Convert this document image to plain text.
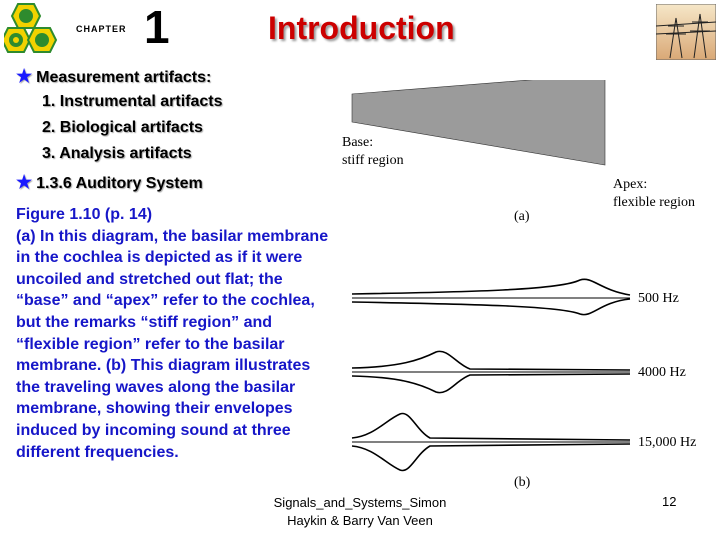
CHAPTER 1	Introduction
★ Measurement artifacts:
1. Instrumental artifacts
2. Biological artifacts
3. Analysis artifacts
★ 1.3.6 Auditory System
Figure 1.10 (p. 14)
(a) In this diagram, the basilar membrane in the cochlea is depicted as if it were uncoiled and stretched out flat; the “base” and “apex” refer to the cochlea, but the remarks “stiff region” and “flexible region” refer to the basilar membrane. (b) This diagram illustrates the traveling waves along the basilar membrane, showing their envelopes induced by incoming sound at three different frequencies.
Base:
stiff region
Apex:
flexible region
(a)
500 Hz
4000 Hz
15,000 Hz
(b)
Signals_and_Systems_Simon
Haykin & Barry Van Veen
12
